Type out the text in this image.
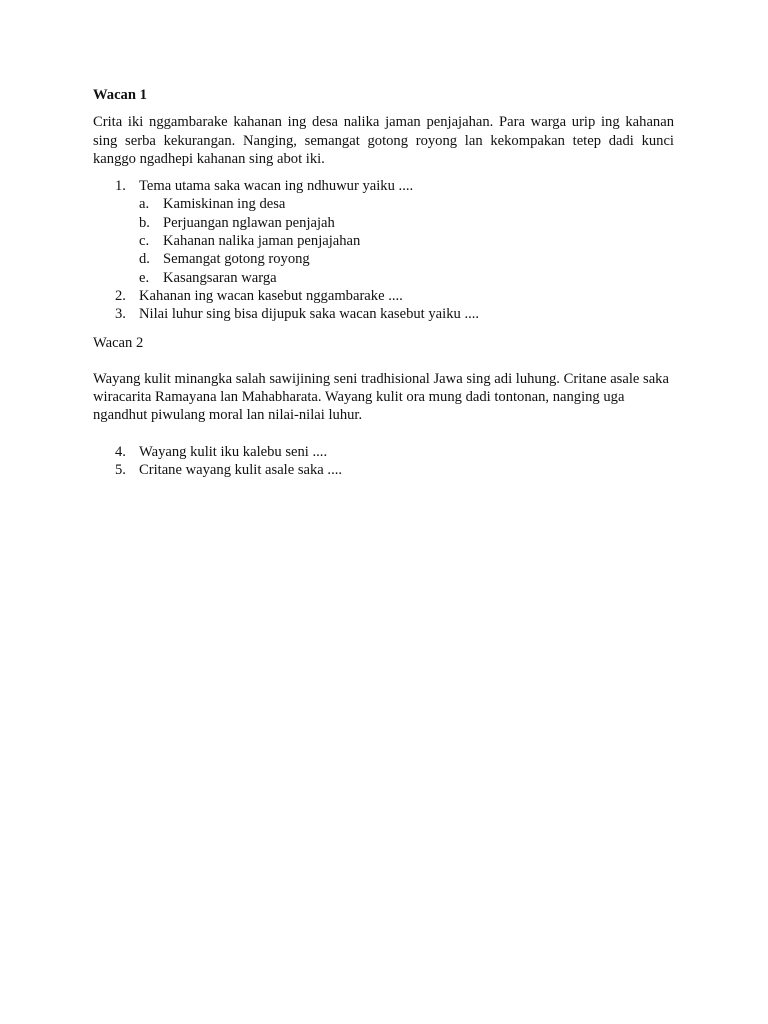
Wacan 1

Crita iki nggambarake kahanan ing desa nalika jaman penjajahan. Para warga urip ing kahanan sing serba kekurangan. Nanging, semangat gotong royong lan kekompakan tetep dadi kunci kanggo ngadhepi kahanan sing abot iki.

1. Tema utama saka wacan ing ndhuwur yaiku ....
a. Kamiskinan ing desa
b. Perjuangan nglawan penjajah
c. Kahanan nalika jaman penjajahan
d. Semangat gotong royong
e. Kasangsaran warga
2. Kahanan ing wacan kasebut nggambarake ....
3. Nilai luhur sing bisa dijupuk saka wacan kasebut yaiku ....
Wacan 2

Wayang kulit minangka salah sawijining seni tradhisional Jawa sing adi luhung. Critane asale saka wiracarita Ramayana lan Mahabharata. Wayang kulit ora mung dadi tontonan, nanging uga ngandhut piwulang moral lan nilai-nilai luhur.

4. Wayang kulit iku kalebu seni ....
5. Critane wayang kulit asale saka ....
